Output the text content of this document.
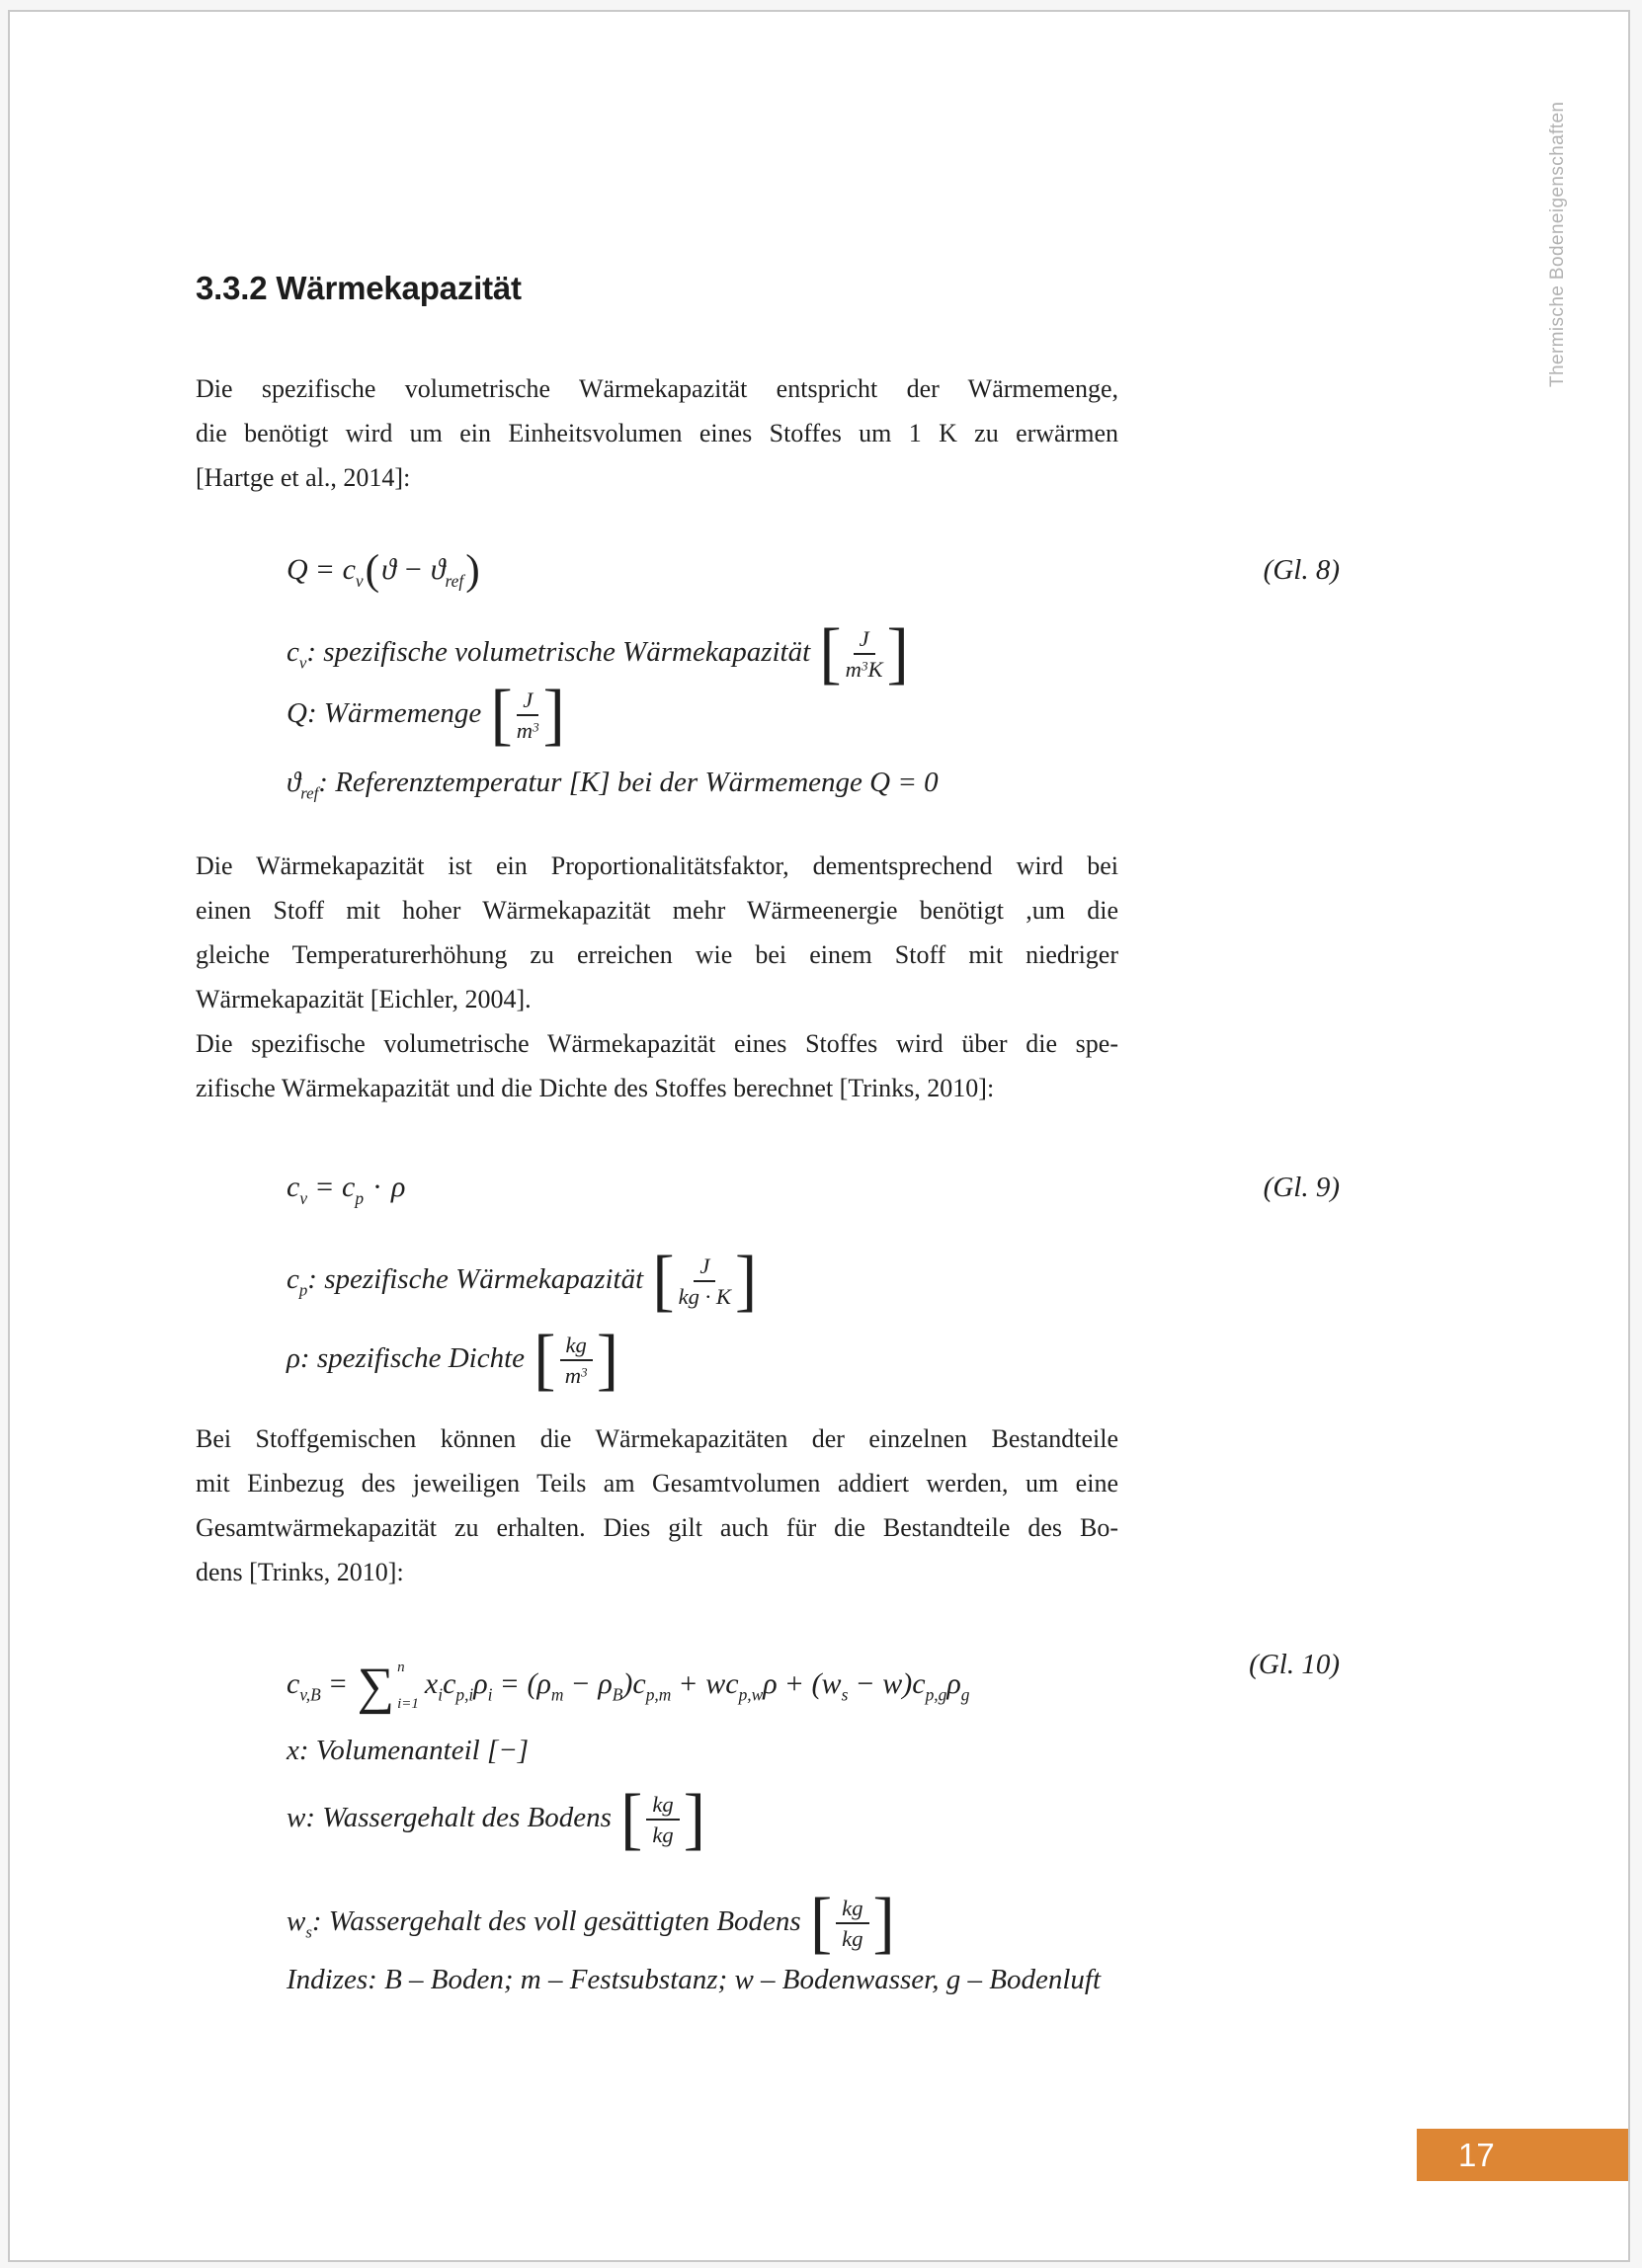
Thermische Bodeneigenschaften
3.3.2 Wärmekapazität
Die spezifische volumetrische Wärmekapazität entspricht der Wärmemenge,
die benötigt wird um ein Einheitsvolumen eines Stoffes um 1 K zu erwärmen
[Hartge et al., 2014]:
$Q = c_v(ϑ - ϑ_{ref})$	(Gl. 8)
$c_v$: spezifische volumetrische Wärmekapazität [ $\frac{J}{m^3K}$ ]
Q: Wärmemenge [ $\frac{J}{m^3}$ ]
$ϑ_{ref}$: Referenztemperatur [K] bei der Wärmemenge Q = 0
Die Wärmekapazität ist ein Proportionalitätsfaktor, dementsprechend wird bei
einen Stoff mit hoher Wärmekapazität mehr Wärmeenergie benötigt ,um die
gleiche Temperaturerhöhung zu erreichen wie bei einem Stoff mit niedriger
Wärmekapazität [Eichler, 2004].
Die spezifische volumetrische Wärmekapazität eines Stoffes wird über die spe-
zifische Wärmekapazität und die Dichte des Stoffes berechnet [Trinks, 2010]:
$c_v = c_p \cdot \rho$	(Gl. 9)
$c_p$: spezifische Wärmekapazität [ $\frac{J}{kg \cdot K}$ ]
ρ: spezifische Dichte [ $\frac{kg}{m^3}$ ]
Bei Stoffgemischen können die Wärmekapazitäten der einzelnen Bestandteile
mit Einbezug des jeweiligen Teils am Gesamtvolumen addiert werden, um eine
Gesamtwärmekapazität zu erhalten. Dies gilt auch für die Bestandteile des Bo-
dens [Trinks, 2010]:
$c_{v,B}$ = ∑ n
i=1
$x_ic_{p,i}\rho_i = (\rho_m - \rho_B)c_{p,m} + wc_{p,w}\rho + (w_s - w)c_{p,g}\rho_g$
(Gl. 10)
x: Volumenanteil [−]
w: Wassergehalt des Bodens [ $\frac{kg}{kg}$ ]
$w_s$: Wassergehalt des voll gesättigten Bodens [ $\frac{kg}{kg}$ ]
Indizes: B – Boden; m – Festsubstanz; w – Bodenwasser, g – Bodenluft
17
